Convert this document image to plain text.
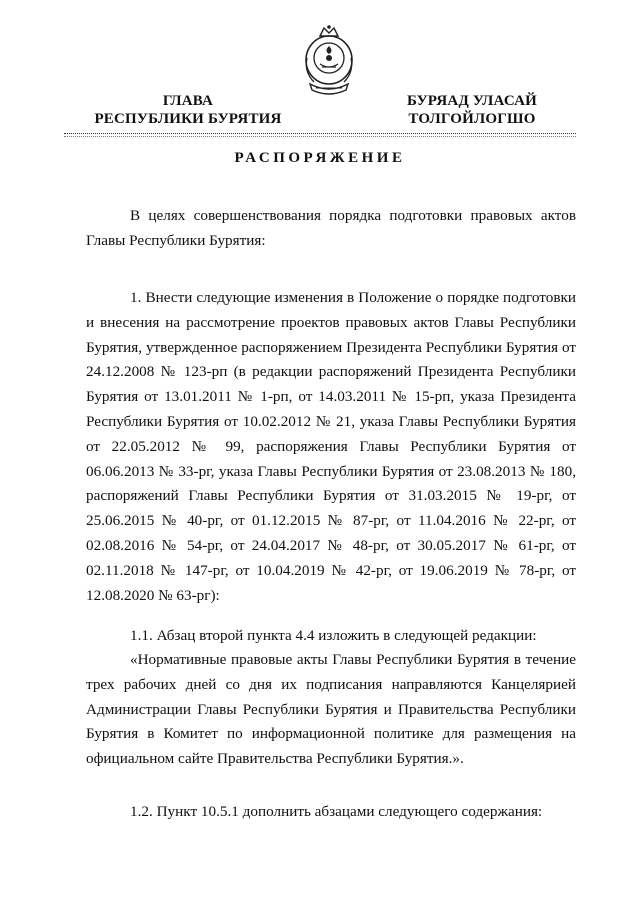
ГЛАВА
РЕСПУБЛИКИ БУРЯТИЯ
БУРЯАД УЛАСАЙ
ТОЛГОЙЛОГШО
РАСПОРЯЖЕНИЕ
В целях совершенствования порядка подготовки правовых актов Главы Республики Бурятия:
1. Внести следующие изменения в Положение о порядке подготовки и внесения на рассмотрение проектов правовых актов Главы Республики Бурятия, утвержденное распоряжением Президента Республики Бурятия от 24.12.2008 № 123-рп (в редакции распоряжений Президента Республики Бурятия от 13.01.2011 № 1-рп, от 14.03.2011 № 15-рп, указа Президента Республики Бурятия от 10.02.2012 № 21, указа Главы Республики Бурятия от 22.05.2012 № 99, распоряжения Главы Республики Бурятия от 06.06.2013 № 33-рг, указа Главы Республики Бурятия от 23.08.2013 № 180, распоряжений Главы Республики Бурятия от 31.03.2015 № 19-рг, от 25.06.2015 № 40-рг, от 01.12.2015 № 87-рг, от 11.04.2016 № 22-рг, от 02.08.2016 № 54-рг, от 24.04.2017 № 48-рг, от 30.05.2017 № 61-рг, от 02.11.2018 № 147-рг, от 10.04.2019 № 42-рг, от 19.06.2019 № 78-рг, от 12.08.2020 № 63-рг):
1.1. Абзац второй пункта 4.4 изложить в следующей редакции:
«Нормативные правовые акты Главы Республики Бурятия в течение трех рабочих дней со дня их подписания направляются Канцелярией Администрации Главы Республики Бурятия и Правительства Республики Бурятия в Комитет по информационной политике для размещения на официальном сайте Правительства Республики Бурятия.».
1.2. Пункт 10.5.1 дополнить абзацами следующего содержания:
